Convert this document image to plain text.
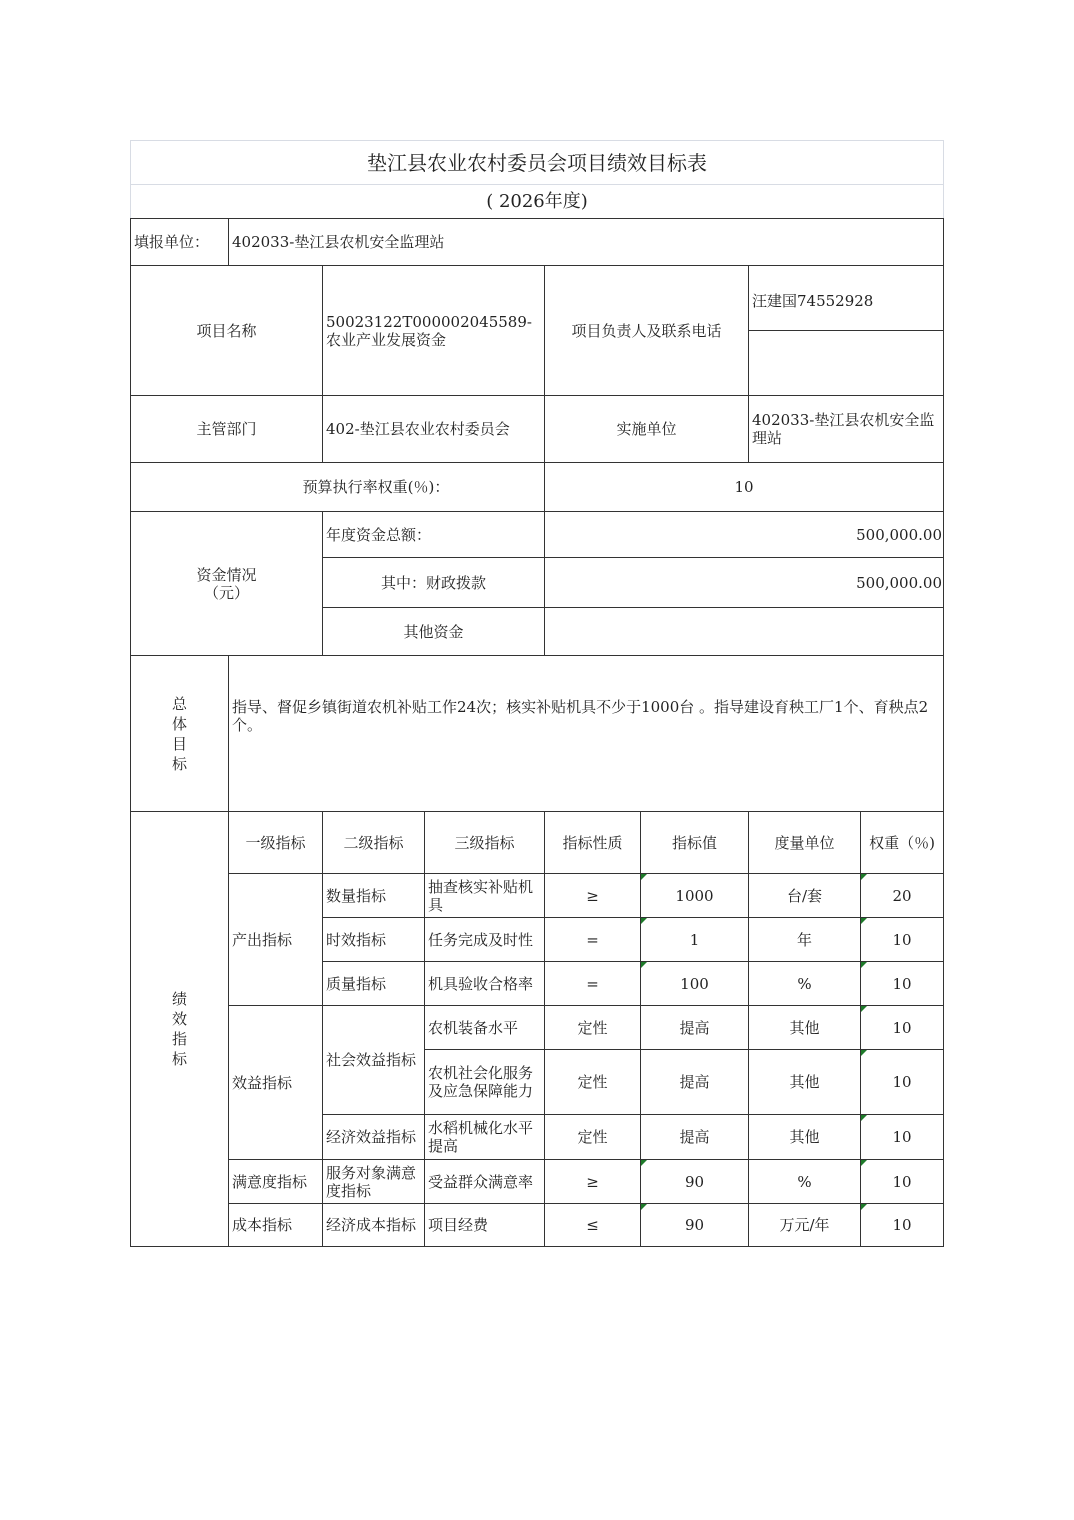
垫江县农业农村委员会项目绩效目标表							
( 2026年度)							
填报单位：	402033-垫江县农机安全监理站						
项目名称		50023122T000002045589-农业产业发展资金		项目负责人及联系电话		汪建国74552928	

主管部门		402-垫江县农业农村委员会		实施单位		402033-垫江县农机安全监理站	
预算执行率权重(％)：				10			

资金情况
（元）		年度资金总额：		500,000.00			
		其中：财政拨款		500,000.00			
		其他资金					
总体目标	指导、督促乡镇街道农机补贴工作24次；核实补贴机具不少于1000台 。指导建设育秧工厂1个、育秧点2个。						
绩效指标	一级指标	二级指标	三级指标	指标性质	指标值	度量单位	权重（％)
	产出指标	数量指标	抽查核实补贴机具	≥	1000	台/套	20
		时效指标	任务完成及时性	=	1	年	10
		质量指标	机具验收合格率	=	100	%	10
	效益指标	社会效益指标	农机装备水平	定性	提高	其他	10
			农机社会化服务及应急保障能力	定性	提高	其他	10
		经济效益指标	水稻机械化水平提高	定性	提高	其他	10
	满意度指标	服务对象满意度指标	受益群众满意率	≥	90	%	10
	成本指标	经济成本指标	项目经费	≤	90	万元/年	10
